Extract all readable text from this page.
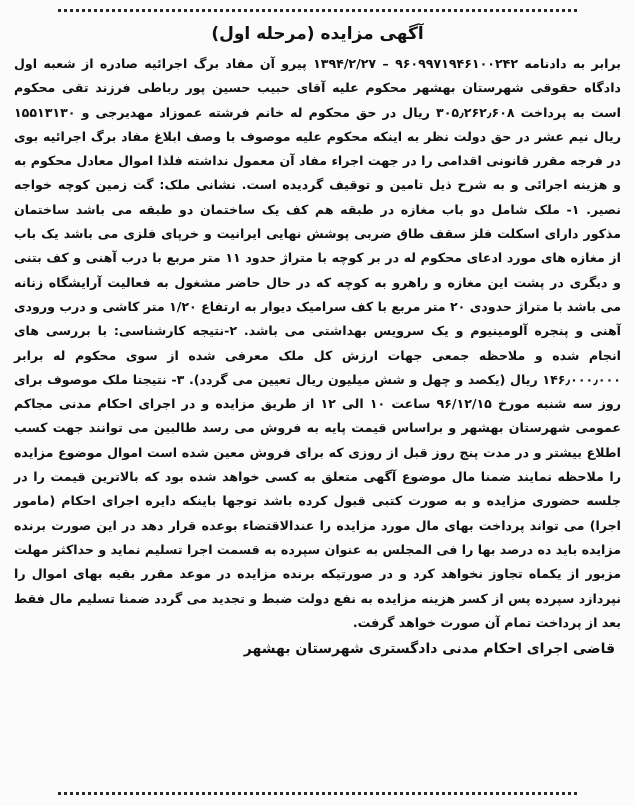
آگهی مزایده (مرحله اول)

برابر به دادنامه ۹۶۰۹۹۷۱۹۴۶۱۰۰۲۴۲ – ۱۳۹۴/۲/۲۷ پیرو آن مفاد برگ اجرائیه صادره از شعبه اول دادگاه حقوقی شهرستان بهشهر محکوم علیه آقای حبیب حسین پور رباطی فرزند تقی محکوم است به پرداخت ۳۰۵٫۲۶۲٫۶۰۸ ریال در حق محکوم له خانم فرشته عموزاد مهدیرجی و ۱۵۵۱۳۱۳۰ ریال نیم عشر در حق دولت نظر به اینکه محکوم علیه موصوف با وصف ابلاغ مفاد برگ اجرائیه بوی در فرجه مقرر قانونی اقدامی را در جهت اجراء مفاد آن معمول نداشته فلذا اموال معادل محکوم به و هزینه اجرائی و به شرح ذیل تامین و توقیف گردیده است. نشانی ملک: گت زمین کوچه خواجه نصیر. ۱- ملک شامل دو باب مغازه در طبقه هم کف یک ساختمان دو طبقه می باشد ساختمان مذکور دارای اسکلت فلز سقف طاق ضربی پوشش نهایی ایرانیت و خرپای فلزی می باشد یک باب از مغازه های مورد ادعای محکوم له در بر کوچه با متراژ حدود ۱۱ متر مربع با درب آهنی و کف بتنی و دیگری در پشت این مغازه و راهرو به کوچه که در حال حاضر مشغول به فعالیت آرایشگاه زنانه می باشد با متراژ حدودی ۲۰ متر مربع با کف سرامیک دیوار به ارتفاع ۱/۲۰ متر کاشی و درب ورودی آهنی و پنجره آلومینیوم و یک سرویس بهداشتی می باشد. ۲-نتیجه کارشناسی: با بررسی های انجام شده و ملاحظه جمعی جهات ارزش کل ملک معرفی شده از سوی محکوم له برابر ۱۴۶٫۰۰۰٫۰۰۰ ریال (یکصد و چهل و شش میلیون ریال تعیین می گردد). ۳- نتیجتا ملک موصوف برای روز سه شنبه مورخ ۹۶/۱۲/۱۵ ساعت ۱۰ الی ۱۲ از طریق مزایده و در اجرای احکام مدنی مجاکم عمومی شهرستان بهشهر و براساس قیمت پایه به فروش می رسد طالبین می توانند جهت کسب اطلاع بیشتر و در مدت پنج روز قبل از روزی که برای فروش معین شده است اموال موضوع مزایده را ملاحظه نمایند ضمنا مال موضوع آگهی متعلق به کسی خواهد شده بود که بالاترین قیمت را در جلسه حضوری مزایده و به صورت کتبی قبول کرده باشد توجها باینکه دایره اجرای احکام (مامور اجرا) می تواند پرداخت بهای مال مورد مزایده را عندالاقتضاء بوعده قرار دهد در این صورت برنده مزایده باید ده درصد بها را فی المجلس به عنوان سپرده به قسمت اجرا تسلیم نماید و حداکثر مهلت مزبور از یکماه تجاوز نخواهد کرد و در صورتیکه برنده مزایده در موعد مقرر بقیه بهای اموال را نپردازد سپرده پس از کسر هزینه مزایده به نفع دولت ضبط و تجدید می گردد ضمنا تسلیم مال فقط بعد از پرداخت تمام آن صورت خواهد گرفت.

قاضی اجرای احکام مدنی دادگستری شهرستان بهشهر
